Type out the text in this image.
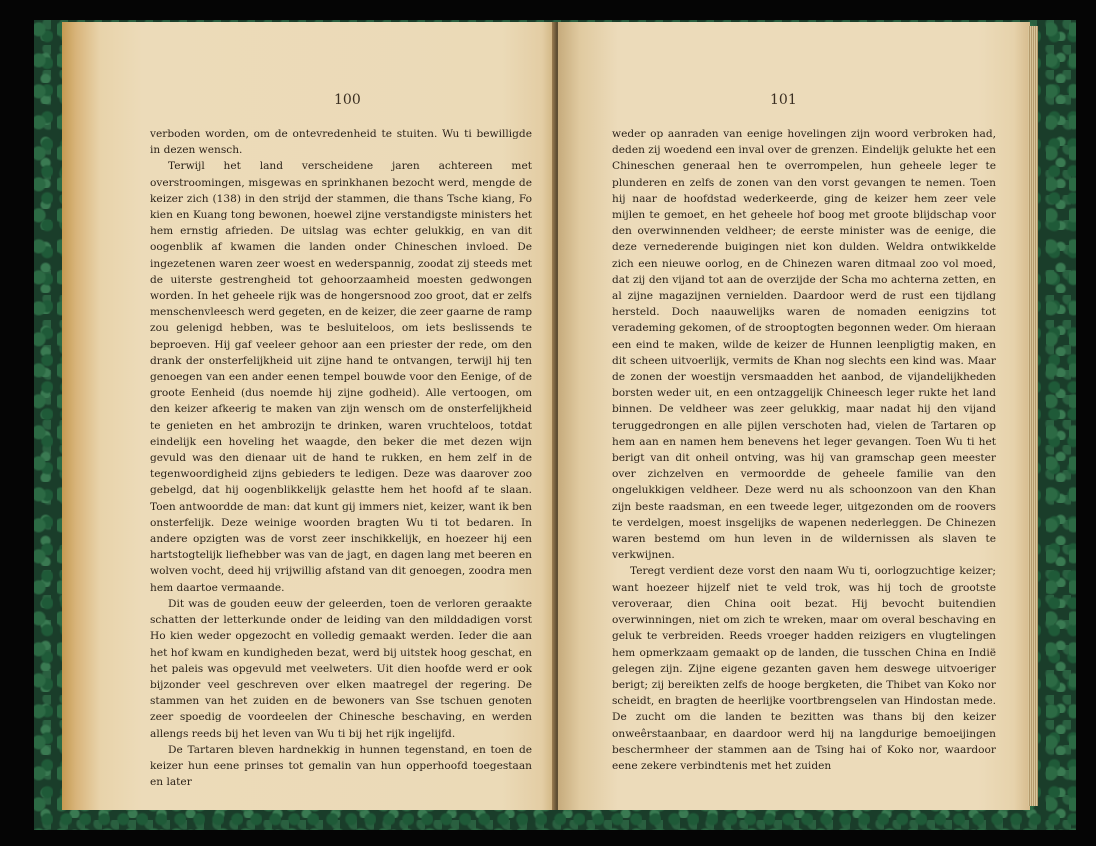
100

verboden worden, om de ontevredenheid te stuiten. Wu ti bewilligde in dezen wensch.

Terwijl het land verscheidene jaren achtereen met overstroomingen, misgewas en sprinkhanen bezocht werd, mengde de keizer zich (138) in den strijd der stammen, die thans Tsche kiang, Fo kien en Kuang tong bewonen, hoewel zijne verstandigste ministers het hem ernstig afrieden. De uitslag was echter gelukkig, en van dit oogenblik af kwamen die landen onder Chineschen invloed. De ingezetenen waren zeer woest en wederspannig, zoodat zij steeds met de uiterste gestrengheid tot gehoorzaamheid moesten gedwongen worden. In het geheele rijk was de hongersnood zoo groot, dat er zelfs menschenvleesch werd gegeten, en de keizer, die zeer gaarne de ramp zou gelenigd hebben, was te besluiteloos, om iets beslissends te beproeven. Hij gaf veeleer gehoor aan een priester der rede, om den drank der onsterfelijkheid uit zijne hand te ontvangen, terwijl hij ten genoegen van een ander eenen tempel bouwde voor den Eenige, of de groote Eenheid (dus noemde hij zijne godheid). Alle vertoogen, om den keizer afkeerig te maken van zijn wensch om de onsterfelijkheid te genieten en het ambrozijn te drinken, waren vruchteloos, totdat eindelijk een hoveling het waagde, den beker die met dezen wijn gevuld was den dienaar uit de hand te rukken, en hem zelf in de tegenwoordigheid zijns gebieders te ledigen. Deze was daarover zoo gebelgd, dat hij oogenblikkelijk gelastte hem het hoofd af te slaan. Toen antwoordde de man: dat kunt gij immers niet, keizer, want ik ben onsterfelijk. Deze weinige woorden bragten Wu ti tot bedaren. In andere opzigten was de vorst zeer inschikkelijk, en hoezeer hij een hartstogtelijk liefhebber was van de jagt, en dagen lang met beeren en wolven vocht, deed hij vrijwillig afstand van dit genoegen, zoodra men hem daartoe vermaande.

Dit was de gouden eeuw der geleerden, toen de verloren geraakte schatten der letterkunde onder de leiding van den milddadigen vorst Ho kien weder opgezocht en volledig gemaakt werden. Ieder die aan het hof kwam en kundigheden bezat, werd bij uitstek hoog geschat, en het paleis was opgevuld met veelweters. Uit dien hoofde werd er ook bijzonder veel geschreven over elken maatregel der regering. De stammen van het zuiden en de bewoners van Sse tschuen genoten zeer spoedig de voordeelen der Chinesche beschaving, en werden allengs reeds bij het leven van Wu ti bij het rijk ingelijfd.

De Tartaren bleven hardnekkig in hunnen tegenstand, en toen de keizer hun eene prinses tot gemalin van hun opperhoofd toegestaan en later

101

weder op aanraden van eenige hovelingen zijn woord verbroken had, deden zij woedend een inval over de grenzen. Eindelijk gelukte het een Chineschen generaal hen te overrompelen, hun geheele leger te plunderen en zelfs de zonen van den vorst gevangen te nemen. Toen hij naar de hoofdstad wederkeerde, ging de keizer hem zeer vele mijlen te gemoet, en het geheele hof boog met groote blijdschap voor den overwinnenden veldheer; de eerste minister was de eenige, die deze vernederende buigingen niet kon dulden. Weldra ontwikkelde zich een nieuwe oorlog, en de Chinezen waren ditmaal zoo vol moed, dat zij den vijand tot aan de overzijde der Scha mo achterna zetten, en al zijne magazijnen vernielden. Daardoor werd de rust een tijdlang hersteld. Doch naauwelijks waren de nomaden eenigzins tot verademing gekomen, of de strooptogten begonnen weder. Om hieraan een eind te maken, wilde de keizer de Hunnen leenpligtig maken, en dit scheen uitvoerlijk, vermits de Khan nog slechts een kind was. Maar de zonen der woestijn versmaadden het aanbod, de vijandelijkheden borsten weder uit, en een ontzaggelijk Chineesch leger rukte het land binnen. De veldheer was zeer gelukkig, maar nadat hij den vijand teruggedrongen en alle pijlen verschoten had, vielen de Tartaren op hem aan en namen hem benevens het leger gevangen. Toen Wu ti het berigt van dit onheil ontving, was hij van gramschap geen meester over zichzelven en vermoordde de geheele familie van den ongelukkigen veldheer. Deze werd nu als schoonzoon van den Khan zijn beste raadsman, en een tweede leger, uitgezonden om de roovers te verdelgen, moest insgelijks de wapenen nederleggen. De Chinezen waren bestemd om hun leven in de wildernissen als slaven te verkwijnen.

Teregt verdient deze vorst den naam Wu ti, oorlogzuchtige keizer; want hoezeer hijzelf niet te veld trok, was hij toch de grootste veroveraar, dien China ooit bezat. Hij bevocht buitendien overwinningen, niet om zich te wreken, maar om overal beschaving en geluk te verbreiden. Reeds vroeger hadden reizigers en vlugtelingen hem opmerkzaam gemaakt op de landen, die tusschen China en Indië gelegen zijn. Zijne eigene gezanten gaven hem deswege uitvoeriger berigt; zij bereikten zelfs de hooge bergketen, die Thibet van Koko nor scheidt, en bragten de heerlijke voortbrengselen van Hindostan mede. De zucht om die landen te bezitten was thans bij den keizer onweêrstaanbaar, en daardoor werd hij na langdurige bemoeijingen beschermheer der stammen aan de Tsing hai of Koko nor, waardoor eene zekere verbindtenis met het zuiden
